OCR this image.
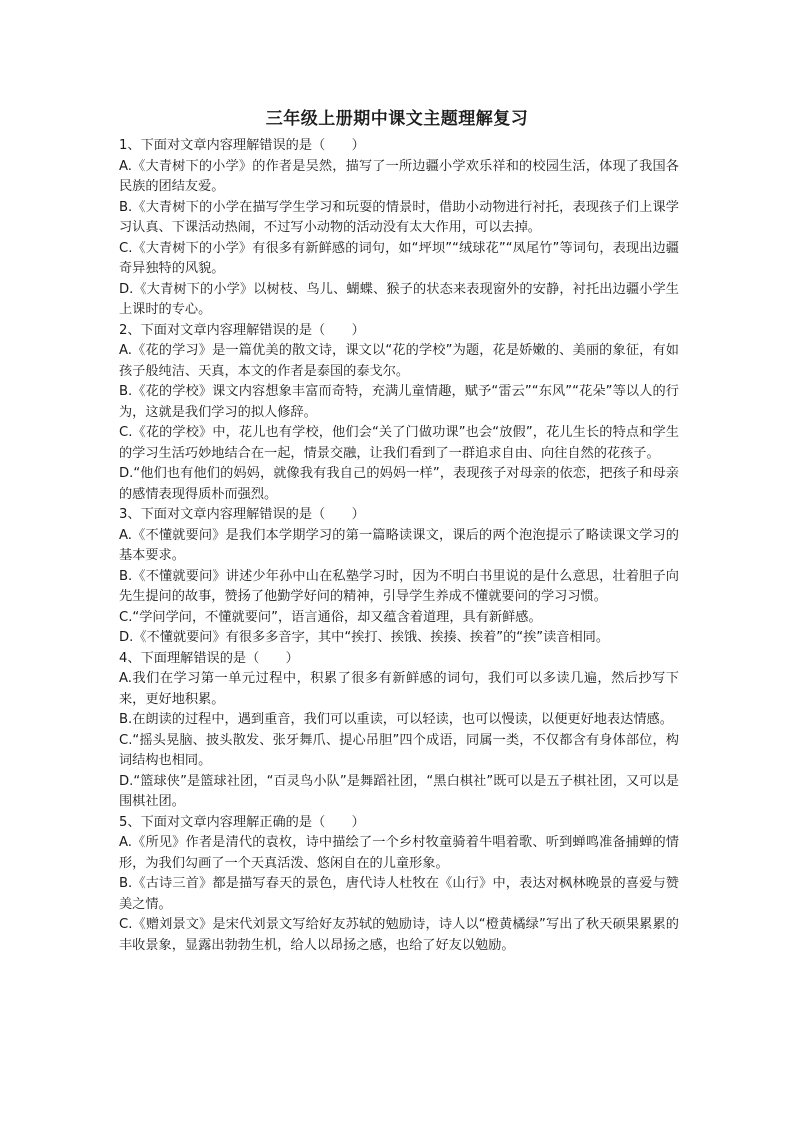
三年级上册期中课文主题理解复习

1、下面对文章内容理解错误的是（　　）

A.《大青树下的小学》的作者是吴然，描写了一所边疆小学欢乐祥和的校园生活，体现了我国各民族的团结友爱。

B.《大青树下的小学在描写学生学习和玩耍的情景时，借助小动物进行衬托，表现孩子们上课学习认真、下课活动热闹，不过写小动物的活动没有太大作用，可以去掉。

C.《大青树下的小学》有很多有新鲜感的词句，如“坪坝”“绒球花”“凤尾竹”等词句，表现出边疆奇异独特的风貌。

D.《大青树下的小学》以树枝、鸟儿、蝴蝶、猴子的状态来表现窗外的安静，衬托出边疆小学生上课时的专心。

2、下面对文章内容理解错误的是（　　）

A.《花的学习》是一篇优美的散文诗，课文以“花的学校”为题，花是娇嫩的、美丽的象征，有如孩子般纯洁、天真，本文的作者是泰国的泰戈尔。

B.《花的学校》课文内容想象丰富而奇特，充满儿童情趣，赋予“雷云”“东风”“花朵”等以人的行为，这就是我们学习的拟人修辞。

C.《花的学校》中，花儿也有学校，他们会“关了门做功课”也会“放假”，花儿生长的特点和学生的学习生活巧妙地结合在一起，情景交融，让我们看到了一群追求自由、向往自然的花孩子。

D.“他们也有他们的妈妈，就像我有我自己的妈妈一样”，表现孩子对母亲的依恋，把孩子和母亲的感情表现得质朴而强烈。

3、下面对文章内容理解错误的是（　　）

A.《不懂就要问》是我们本学期学习的第一篇略读课文，课后的两个泡泡提示了略读课文学习的基本要求。

B.《不懂就要问》讲述少年孙中山在私塾学习时，因为不明白书里说的是什么意思，壮着胆子向先生提问的故事，赞扬了他勤学好问的精神，引导学生养成不懂就要问的学习习惯。

C.“学问学问，不懂就要问”，语言通俗，却又蕴含着道理，具有新鲜感。

D.《不懂就要问》有很多多音字，其中“挨打、挨饿、挨揍、挨着”的“挨”读音相同。

4、下面理解错误的是（　　）

A.我们在学习第一单元过程中，积累了很多有新鲜感的词句，我们可以多读几遍，然后抄写下来，更好地积累。

B.在朗读的过程中，遇到重音，我们可以重读，可以轻读，也可以慢读，以便更好地表达情感。

C.“摇头晃脑、披头散发、张牙舞爪、提心吊胆”四个成语，同属一类，不仅都含有身体部位，构词结构也相同。

D.“篮球侠”是篮球社团，“百灵鸟小队”是舞蹈社团，“黑白棋社”既可以是五子棋社团，又可以是围棋社团。

5、下面对文章内容理解正确的是（　　）

A.《所见》作者是清代的袁枚，诗中描绘了一个乡村牧童骑着牛唱着歌、听到蝉鸣准备捕蝉的情形，为我们勾画了一个天真活泼、悠闲自在的儿童形象。

B.《古诗三首》都是描写春天的景色，唐代诗人杜牧在《山行》中，表达对枫林晚景的喜爱与赞美之情。

C.《赠刘景文》是宋代刘景文写给好友苏轼的勉励诗，诗人以“橙黄橘绿”写出了秋天硕果累累的丰收景象，显露出勃勃生机，给人以昂扬之感，也给了好友以勉励。
